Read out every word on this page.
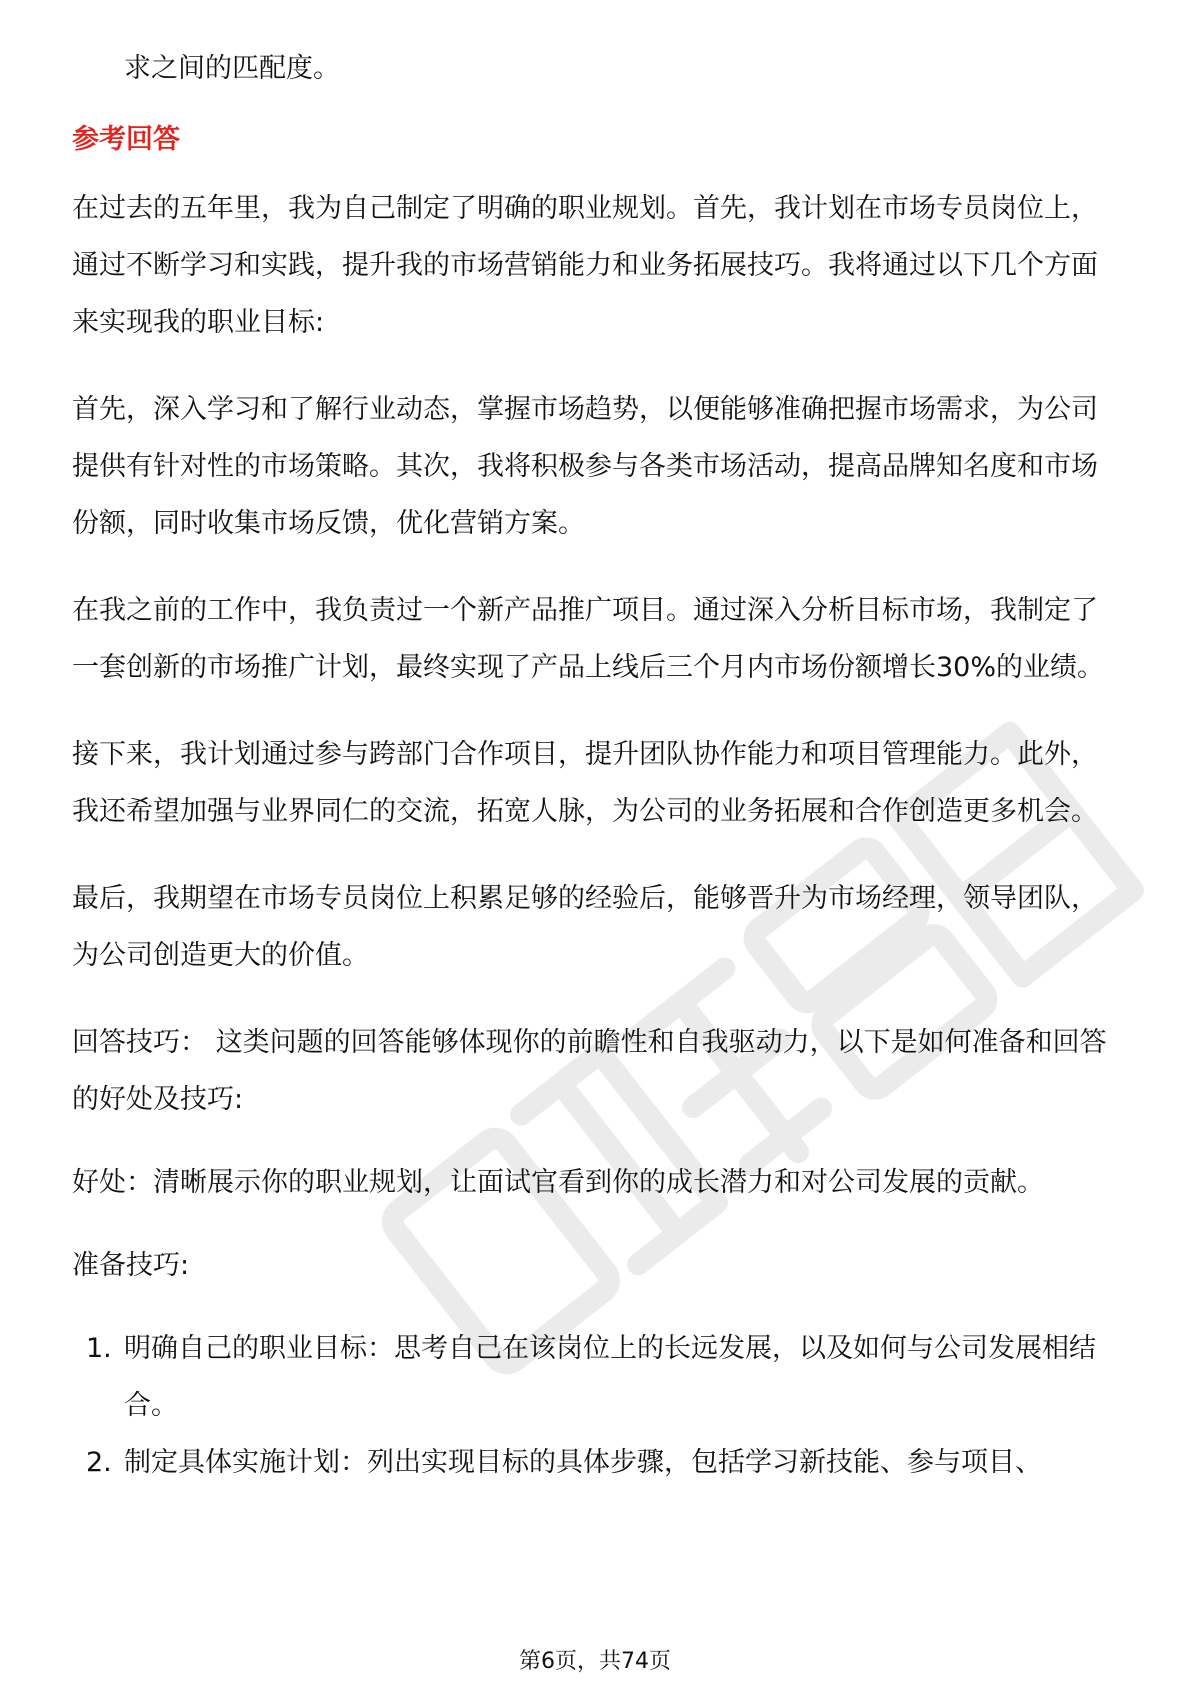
求之间的匹配度。

参考回答

在过去的五年里，我为自己制定了明确的职业规划。首先，我计划在市场专员岗位上，通过不断学习和实践，提升我的市场营销能力和业务拓展技巧。我将通过以下几个方面来实现我的职业目标:

首先，深入学习和了解行业动态，掌握市场趋势，以便能够准确把握市场需求，为公司提供有针对性的市场策略。其次，我将积极参与各类市场活动，提高品牌知名度和市场份额，同时收集市场反馈，优化营销方案。

在我之前的工作中，我负责过一个新产品推广项目。通过深入分析目标市场，我制定了一套创新的市场推广计划，最终实现了产品上线后三个月内市场份额增长30%的业绩。

接下来，我计划通过参与跨部门合作项目，提升团队协作能力和项目管理能力。此外，我还希望加强与业界同仁的交流，拓宽人脉，为公司的业务拓展和合作创造更多机会。

最后，我期望在市场专员岗位上积累足够的经验后，能够晋升为市场经理，领导团队，为公司创造更大的价值。

回答技巧： 这类问题的回答能够体现你的前瞻性和自我驱动力，以下是如何准备和回答的好处及技巧:

好处：清晰展示你的职业规划，让面试官看到你的成长潜力和对公司发展的贡献。

准备技巧:

1. 明确自己的职业目标：思考自己在该岗位上的长远发展，以及如何与公司发展相结合。
2. 制定具体实施计划：列出实现目标的具体步骤，包括学习新技能、参与项目、
第6页，共74页
